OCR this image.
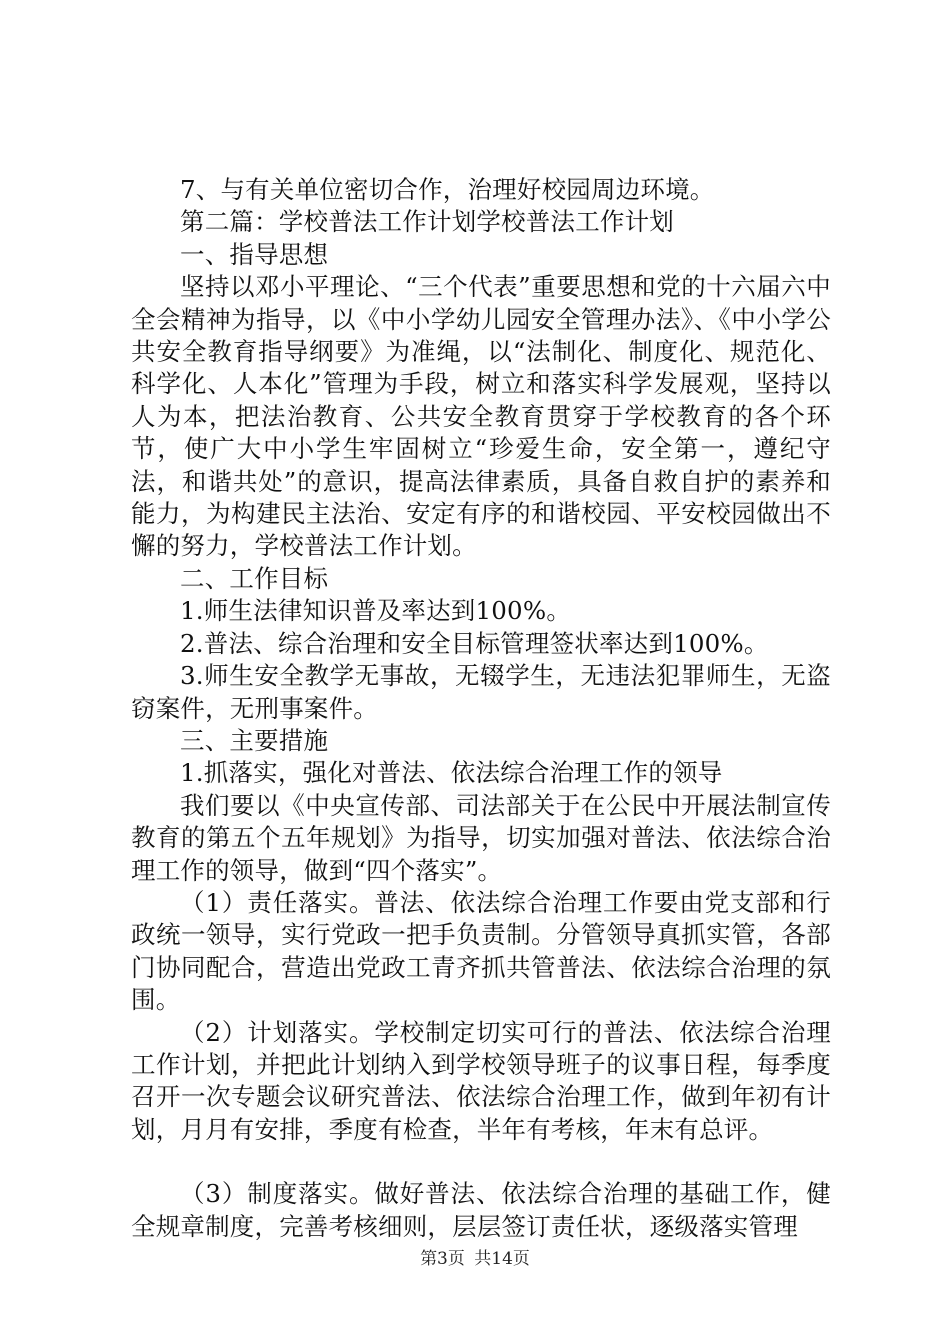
7、与有关单位密切合作，治理好校园周边环境。

第二篇：学校普法工作计划学校普法工作计划

一、指导思想

坚持以邓小平理论、“三个代表”重要思想和党的十六届六中全会精神为指导，以《中小学幼儿园安全管理办法》、《中小学公共安全教育指导纲要》为准绳，以“法制化、制度化、规范化、科学化、人本化”管理为手段，树立和落实科学发展观，坚持以人为本，把法治教育、公共安全教育贯穿于学校教育的各个环节，使广大中小学生牢固树立“珍爱生命，安全第一，遵纪守法，和谐共处”的意识，提高法律素质，具备自救自护的素养和能力，为构建民主法治、安定有序的和谐校园、平安校园做出不懈的努力，学校普法工作计划。

二、工作目标

1.师生法律知识普及率达到100%。

2.普法、综合治理和安全目标管理签状率达到100%。

3.师生安全教学无事故，无辍学生，无违法犯罪师生，无盗窃案件，无刑事案件。

三、主要措施

1.抓落实，强化对普法、依法综合治理工作的领导

我们要以《中央宣传部、司法部关于在公民中开展法制宣传教育的第五个五年规划》为指导，切实加强对普法、依法综合治理工作的领导，做到“四个落实”。

（1）责任落实。普法、依法综合治理工作要由党支部和行政统一领导，实行党政一把手负责制。分管领导真抓实管，各部门协同配合，营造出党政工青齐抓共管普法、依法综合治理的氛围。

（2）计划落实。学校制定切实可行的普法、依法综合治理工作计划，并把此计划纳入到学校领导班子的议事日程，每季度召开一次专题会议研究普法、依法综合治理工作，做到年初有计划，月月有安排，季度有检查，半年有考核，年末有总评。

（3）制度落实。做好普法、依法综合治理的基础工作，健全规章制度，完善考核细则，层层签订责任状，逐级落实管理

第3页 共14页
